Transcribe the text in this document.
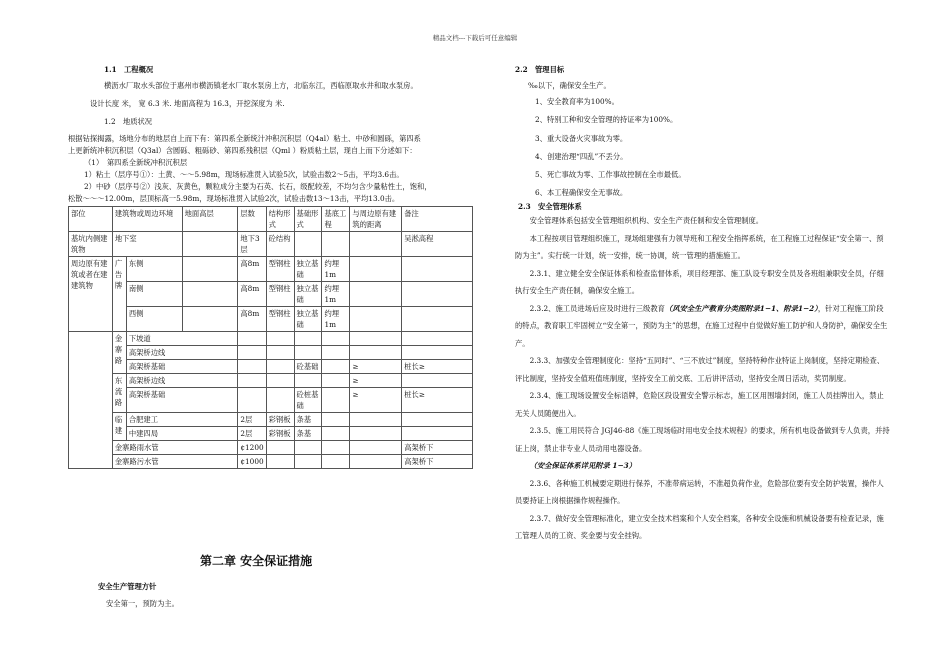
精品文档---下载后可任意编辑
1.1　工程概况
横沥水厂取水头部位于惠州市横沥镇老水厂取水泵房上方，北临东江，西临原取水井和取水泵房。
设计长度 米， 宽 6.3 米. 地面高程为 16.3，开挖深度为 米.
1.2　地质状况
根据钻探揭露，场地分布的地层自上而下有：第四系全新统汁冲积沉积层（Q4al）粘土、中砂和圆砾，第四系
上更新统冲积沉积层（Q3al）含圆砾、粗砾砂、第四系残积层（Qml ）粉质粘土层，现自上而下分述如下：
（1）　第四系全新统冲积沉积层
1）粘土（层序号①）：土黄、～～5.98m，现场标准贯入试验5次，试验击数2～5击，平均3.6击。
2）中砂（层序号②）浅灰、灰黄色，颗粒成分主要为石英、长石，级配较差，不均匀含少量粘性土，饱和，
松散～～～12.00m，层顶标高一5.98m，现场标准贯入试验2次，试验击数13～13击，平均13.0击。
部位	建筑物或周边环境		地面高层	层数	结构形式	基础形式	基底工程	与周边原有建筑的距离	备注
基坑内侧建筑物	地下室			地下3层	砼结构				吴淞高程
周边原有建筑或者在建建筑物	广告牌	东侧		高8m	型钢柱	独立基础	约埋1m		
		南侧		高8m	型钢柱	独立基础	约埋1m		
		西侧		高8m	型钢柱	独立基础	约埋1m		
	金寨路	下坡道							
		高架桥边线							
		高架桥基础				砼基础		≥	桩长≥
	东流路	高架桥边线						≥	
		高架桥基础				砼桩基础		≥	桩长≥
	临建	合肥建工		2层	彩钢板	条基			
		中建四局		2层	彩钢板	条基			
	金寨路雨水管			¢1200					高架桥下
	金寨路污水管			¢1000					高架桥下
第二章 安全保证措施
安全生产管理方针
安全第一，预防为主。
2.2　管理目标
‰以下，确保安全生产。
1、安全教育率为100%。
2、特别工种和安全管理的持证率为100%。
3、重大设备火灾事故为零。
4、创建治理“四乱”不丢分。
5、死亡事故为零、工作事故控制在全市最低。
6、本工程确保安全无事故。
2.3　安全管理体系

安全管理体系包括安全管理组织机构、安全生产责任制和安全管理制度。

本工程按项目管理组织施工，现场组建强有力领导班和工程安全指挥系统，在工程施工过程保证“安全第一、预防为主”。实行统一计划，统一安排，统一协调，统一管理的措施施工。

2.3.1、建立健全安全保证体系和检查监督体系，项目经理部、施工队设专职安全员及各班组兼职安全员，仔细执行安全生产责任制，确保安全施工。

2.3.2、施工员进场后应及时进行三级教育（风安全生产教育分类图附录1−1、附录1−2），针对工程施工阶段的特点，教育职工牢固树立“安全第一，预防为主”的思想，在施工过程中自觉做好施工防护和人身防护，确保安全生产。

2.3.3、加强安全管理制度化：坚持“五同时”、“三不放过”制度，坚持特种作业特证上岗制度，坚持定期检查、评比制度，坚持安全值班值班制度，坚持安全工前交底、工后讲评活动，坚持安全周日活动，奖罚制度。

2.3.4、施工现场设置安全标语牌，危险区段设置安全警示标志，施工区用围墙封闭，施工人员挂牌出入，禁止无关人员随便出入。

2.3.5、施工用民符合 JGJ46-88《施工现场临时用电安全技术规程》的要求，所有机电设备做到专人负责，并持证上岗，禁止非专业人员动用电器设备。

（安全保证体系详见附录 1−3）

2.3.6、各种施工机械要定期进行保养，不准带病运转，不准超负荷作业，危险部位要有安全防护装置，操作人员要持证上岗根据操作规程操作。

2.3.7、做好安全管理标准化，建立安全技术档案和个人安全档案，各种安全设施和机械设备要有检查记录，施工管理人员的工资、奖金要与安全挂钩。
